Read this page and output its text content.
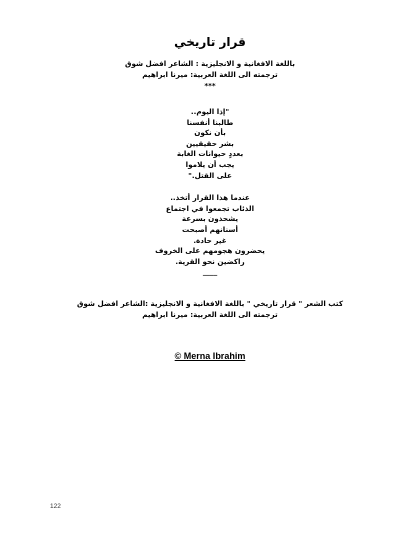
قرار تاريخي
باللغة الافغانية و الانجليزية : الشاعر افضل شوق
ترجمته الى اللغة العربية: ميرنا ابراهيم
***
"إذا اليوم..
طالبنا أنفسنا
بأن نكون
بشر حقيقيين
بعددٍ حيوانات الغابة
يجب أن يلاموا
على القتل."
عندما هذا القرار أتخذ..
الذئاب تجمعوا في اجتماع
يشحذون بسرعة
أسنانهم أصبحت
غير حادة.
يحضرون هجومهم على الخروف
راكضين نحو القرية.
____
كتب الشعر " قرار تاريخي " باللغة الافغانية و الانجليزية :الشاعر افضل شوق
ترجمته الى اللغة العربية: ميرنا ابراهيم
© Merna Ibrahim
122
